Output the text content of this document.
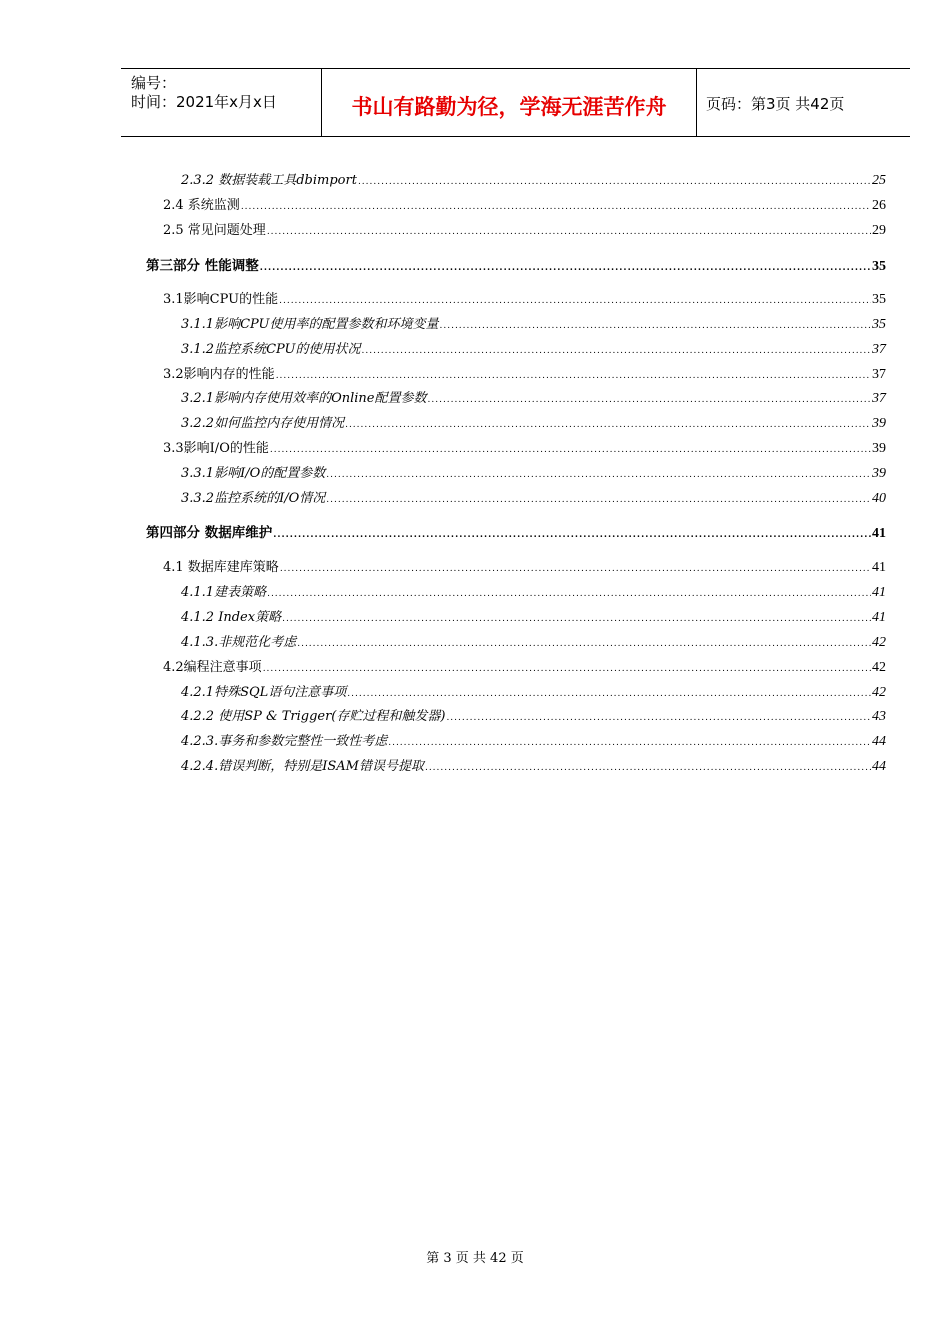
编号：
时间：2021年x月x日	书山有路勤为径，学海无涯苦作舟	页码：第3页 共42页
2.3.2 数据装载工具dbimport .....	25
2.4 系统监测 .....	26
2.5 常见问题处理 .....	29
第三部分 性能调整 .....	35
3.1影响CPU的性能 .....	35
3.1.1影响CPU使用率的配置参数和环境变量 .....	35
3.1.2监控系统CPU的使用状况 .....	37
3.2影响内存的性能 .....	37
3.2.1影响内存使用效率的Online配置参数 .....	37
3.2.2如何监控内存使用情况 .....	39
3.3影响I/O的性能 .....	39
3.3.1影响I/O的配置参数 .....	39
3.3.2监控系统的I/O情况 .....	40
第四部分 数据库维护 .....	41
4.1 数据库建库策略 .....	41
4.1.1建表策略 .....	41
4.1.2 Index策略 .....	41
4.1.3.非规范化考虑 .....	42
4.2编程注意事项 .....	42
4.2.1特殊SQL语句注意事项 .....	42
4.2.2 使用SP & Trigger(存贮过程和触发器) .....	43
4.2.3.事务和参数完整性一致性考虑 .....	44
4.2.4.错误判断，特别是ISAM错误号提取 .....	44
第 3 页 共 42 页
